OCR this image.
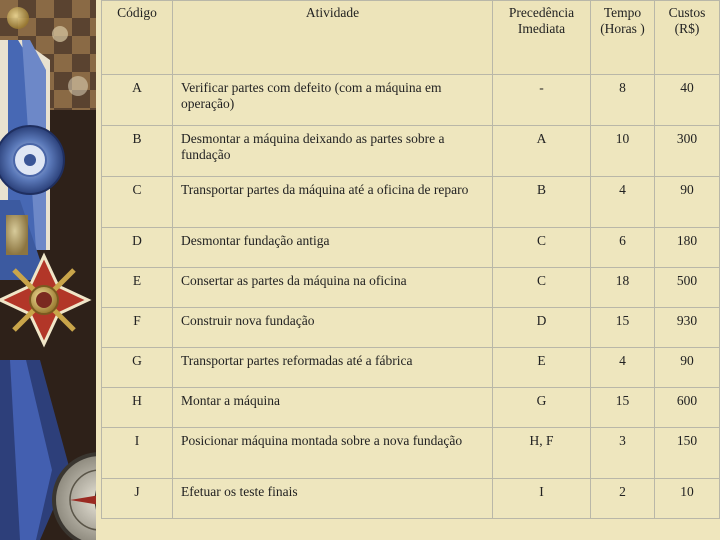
Código	Atividade	Precedência Imediata	Tempo (Horas )	Custos (R$)
A	Verificar partes com defeito (com a máquina em operação)	-	8	40
B	Desmontar a máquina deixando as partes sobre a fundação	A	10	300
C	Transportar partes da máquina até a oficina de reparo	B	4	90
D	Desmontar fundação antiga	C	6	180
E	Consertar as partes da máquina na oficina	C	18	500
F	Construir nova fundação	D	15	930
G	Transportar partes reformadas até a fábrica	E	4	90
H	Montar a máquina	G	15	600
I	Posicionar máquina montada sobre a nova fundação	H, F	3	150
J	Efetuar os teste finais	I	2	10
